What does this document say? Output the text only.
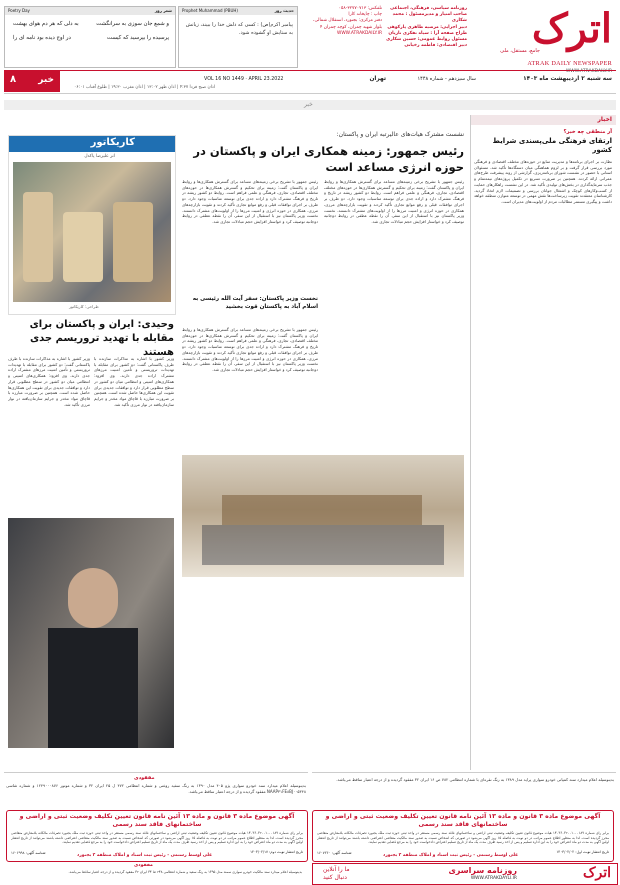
اترک
جامع، مستقل، ملی
ATRAK DAILY NEWSPAPER
WWW.ATRAKDAILY.IR
روزنامه سیاسی، فرهنگی، اجتماعی
صاحب امتیاز و مدیرمسئول : محمد شکاری
دبیر اجرایی: مرضیه طاهری پارکوهی
طراح صفحه آرا : سیاه تفکری تازیان
مسئول روابط عمومی: حسین شکاری
دبیر اقتصادی: فاطمه رخیانی
تلفکس: ۳۲۷۷۰۷۱۳-۰۵۸
چاپ : چاپخانه کارا
دفتر مرکزی: بجنورد، استقلال شمالی،
بلوار شهید چمران، کوچه چمران ۴
WWW.ATRAKDAILY.IR
حدیث روز
Prophet Muhammad (PBUH)
پیامبر اکرم(ص) : کسی که دلش خدا را ببیند، زبانش به ستایش او گشوده شود.
شعر روز
Poetry Day
و شمع جان سوزی به سرانگشت
به دلی که هر دم هوای بهشت
پرسیده را بپرسید که کیست
در اوج دیده بود نامه ای را
سه شنبه ۲ اردیبهشت ماه ۱۴۰۳
سال سیزدهم - شماره ۱۴۴۸
تهران
VOL 16 NO 1449 · APRIL 23.2022
اذان صبح فردا ۴:۳۷ | اذان ظهر ۱۳:۰۲ | اذان مغرب ۱۹:۳۰ | طلوع آفتاب ۰۶:۰۱
خبر
۸
خبر
اخبار
آر منطقی چه خبر؟
ارتقای فرهنگی ملی‌پسندی شرایط کشور
نظارت بر اجرای برنامه‌ها و مدیریت منابع در حوزه‌های مختلف اقتصادی و فرهنگی مورد بررسی قرار گرفت و بر لزوم هماهنگی میان دستگاه‌ها تأکید شد. مسئولان استانی با حضور در نشست شورای برنامه‌ریزی، گزارشی از روند پیشرفت طرح‌های عمرانی ارائه کردند. همچنین بر ضرورت تسریع در تکمیل پروژه‌های نیمه‌تمام و جذب سرمایه‌گذاری در بخش‌های تولیدی تأکید شد. در این نشست راهکارهای حمایت از کسب‌وکارهای کوچک و اشتغال جوانان بررسی و تصمیمات لازم اتخاذ گردید. کارشناسان معتقدند تقویت زیرساخت‌ها نقش مهمی در توسعه متوازن منطقه خواهد داشت و پیگیری مستمر مطالبات مردم از اولویت‌های مدیران است.
نشست مشترک هیات‌های عالیرتبه ایران و پاکستان:
رئیس جمهور: زمینه همکاری ایران و پاکستان در حوزه انرژی مساعد است
رئیس جمهور با تشریح برخی زمینه‌های مساعد برای گسترش همکاری‌ها و روابط ایران و پاکستان گفت: زمینه برای تحکیم و گسترش همکاری‌ها در حوزه‌های مختلف اقتصادی، تجاری، فرهنگی و علمی فراهم است. روابط دو کشور ریشه در تاریخ و فرهنگ مشترک دارد و اراده جدی برای توسعه مناسبات وجود دارد. دو طرف بر اجرای توافقات قبلی و رفع موانع تجاری تأکید کردند و تقویت بازارچه‌های مرزی، همکاری در حوزه انرژی و امنیت مرزها را از اولویت‌های مشترک دانستند. نخست وزیر پاکستان نیز با استقبال از این سفر، آن را نقطه عطفی در روابط دوجانبه توصیف کرد و خواستار افزایش حجم مبادلات تجاری شد.
نخست وزیر پاکستان: سفر آیت الله رئیسی به اسلام آباد به پاکستان قوت بخشید
رئیس جمهور با تشریح برخی زمینه‌های مساعد برای گسترش همکاری‌ها و روابط ایران و پاکستان گفت: زمینه برای تحکیم و گسترش همکاری‌ها در حوزه‌های مختلف اقتصادی، تجاری، فرهنگی و علمی فراهم است. روابط دو کشور ریشه در تاریخ و فرهنگ مشترک دارد و اراده جدی برای توسعه مناسبات وجود دارد. دو طرف بر اجرای توافقات قبلی و رفع موانع تجاری تأکید کردند و تقویت بازارچه‌های مرزی، همکاری در حوزه انرژی و امنیت مرزها را از اولویت‌های مشترک دانستند. نخست وزیر پاکستان نیز با استقبال از این سفر، آن را نقطه عطفی در روابط دوجانبه توصیف کرد و خواستار افزایش حجم مبادلات تجاری شد.
رئیس جمهور با تشریح برخی زمینه‌های مساعد برای گسترش همکاری‌ها و روابط ایران و پاکستان گفت: زمینه برای تحکیم و گسترش همکاری‌ها در حوزه‌های مختلف اقتصادی، تجاری، فرهنگی و علمی فراهم است. روابط دو کشور ریشه در تاریخ و فرهنگ مشترک دارد و اراده جدی برای توسعه مناسبات وجود دارد. دو طرف بر اجرای توافقات قبلی و رفع موانع تجاری تأکید کردند و تقویت بازارچه‌های مرزی، همکاری در حوزه انرژی و امنیت مرزها را از اولویت‌های مشترک دانستند. نخست وزیر پاکستان نیز با استقبال از این سفر، آن را نقطه عطفی در روابط دوجانبه توصیف کرد و خواستار افزایش حجم مبادلات تجاری شد.
کاریکاتور
اثر علیرضا پاکدل
طراحی: کاریکاتور
وحیدی: ایران و پاکستان برای مقابله با تهدید تروریسم جدی هستند
وزیر کشور با اشاره به مذاکرات سازنده با طرف پاکستانی گفت: دو کشور برای مقابله با تهدیدات تروریستی و تأمین امنیت مرزهای مشترک اراده جدی دارند. وی افزود: همکاری‌های امنیتی و انتظامی میان دو کشور در سطح مطلوبی قرار دارد و توافقات جدیدی برای تقویت این همکاری‌ها حاصل شده است. همچنین بر ضرورت مبارزه با قاچاق مواد مخدر و جرایم سازمان‌یافته در نوار مرزی تأکید شد.
وزیر کشور با اشاره به مذاکرات سازنده با طرف پاکستانی گفت: دو کشور برای مقابله با تهدیدات تروریستی و تأمین امنیت مرزهای مشترک اراده جدی دارند. وی افزود: همکاری‌های امنیتی و انتظامی میان دو کشور در سطح مطلوبی قرار دارد و توافقات جدیدی برای تقویت این همکاری‌ها حاصل شده است. همچنین بر ضرورت مبارزه با قاچاق مواد مخدر و جرایم سازمان‌یافته در نوار مرزی تأکید شد.
بدینوسیله اعلام میدارد سند کمپانی خودرو سواری پراید مدل ۱۳۸۹ به رنگ نقره‌ای با شماره انتظامی ۷۸۲ ص ۱۶ ایران ۳۲ مفقود گردیده و از درجه اعتبار ساقط می‌باشد.
مفقودی
بدینوسیله اعلام میدارد سند خودرو سواری پژو ۴۰۵ مدل ۱۳۹۰ به رنگ سفید روغنی و شماره انتظامی ۴۷۲ ل ۲۵ ایران ۳۲ و شماره موتور ۱۲۴۹۰۰۰۸۷۶ و شماره شاسی NAAP۳۱FE۸BJ۰۰۵۳۴۸ مفقود گردیده و از درجه اعتبار ساقط می‌باشد.
آگهی موضوع ماده ۳ قانون و ماده ۱۳ آئین نامه قانون تعیین تکلیف وضعیت ثبتی و اراضی و ساختمانهای فاقد سند رسمی
برابر رای شماره ۱۴۰۳۶۰۳۲۰۰۱۰۰۰۱۸۹ هیات موضوع قانون تعیین تکلیف وضعیت ثبتی اراضی و ساختمانهای فاقد سند رسمی مستقر در واحد ثبتی حوزه ثبت ملک بجنورد تصرفات مالکانه بلامعارض متقاضی محرز گردیده است. لذا به منظور اطلاع عموم مراتب در دو نوبت به فاصله ۱۵ روز آگهی می‌شود در صورتی که اشخاص نسبت به صدور سند مالکیت متقاضی اعتراضی داشته باشند می‌توانند از تاریخ انتشار اولین آگهی به مدت دو ماه اعتراض خود را به این اداره تسلیم و پس از اخذ رسید ظرف مدت یک ماه از تاریخ تسلیم اعتراض دادخواست خود را به مرجع قضایی تقدیم نمایند.
تاریخ انتشار نوبت اول: ۱۴۰۳/۰۲/۰۲
علی اوسط رستمی - رئیس ثبت اسناد و املاک منطقه ۲ بجنورد
شناسه آگهی: ۱۶۰۷۲۶۰
آگهی موضوع ماده ۳ قانون و ماده ۱۳ آئین نامه قانون تعیین تکلیف وضعیت ثبتی و اراضی و ساختمانهای فاقد سند رسمی
برابر رای شماره ۱۴۰۳۶۰۳۲۰۰۱۰۰۰۱۸۹ هیات موضوع قانون تعیین تکلیف وضعیت ثبتی اراضی و ساختمانهای فاقد سند رسمی مستقر در واحد ثبتی حوزه ثبت ملک بجنورد تصرفات مالکانه بلامعارض متقاضی محرز گردیده است. لذا به منظور اطلاع عموم مراتب در دو نوبت به فاصله ۱۵ روز آگهی می‌شود در صورتی که اشخاص نسبت به صدور سند مالکیت متقاضی اعتراضی داشته باشند می‌توانند از تاریخ انتشار اولین آگهی به مدت دو ماه اعتراض خود را به این اداره تسلیم و پس از اخذ رسید ظرف مدت یک ماه از تاریخ تسلیم اعتراض دادخواست خود را به مرجع قضایی تقدیم نمایند.
تاریخ انتشار نوبت دوم: ۱۴۰۳/۰۲/۱۷
علی اوسط رستمی - رئیس ثبت اسناد و املاک منطقه ۲ بجنورد
شناسه آگهی: ۱۶۰۶۹۹۸
مفقودی
بدینوسیله اعلام میدارد سند مالکیت خودرو سواری سمند مدل ۱۳۹۵ به رنگ سفید و شماره انتظامی ۲۴۸ ط ۳۴ ایران ۳۲ مفقود گردیده و از درجه اعتبار ساقط می‌باشد.	اترک
روزنامه سراسری
WWW.ATRAKDAYLI.IR
ما را آنلاین
دنبال کنید
